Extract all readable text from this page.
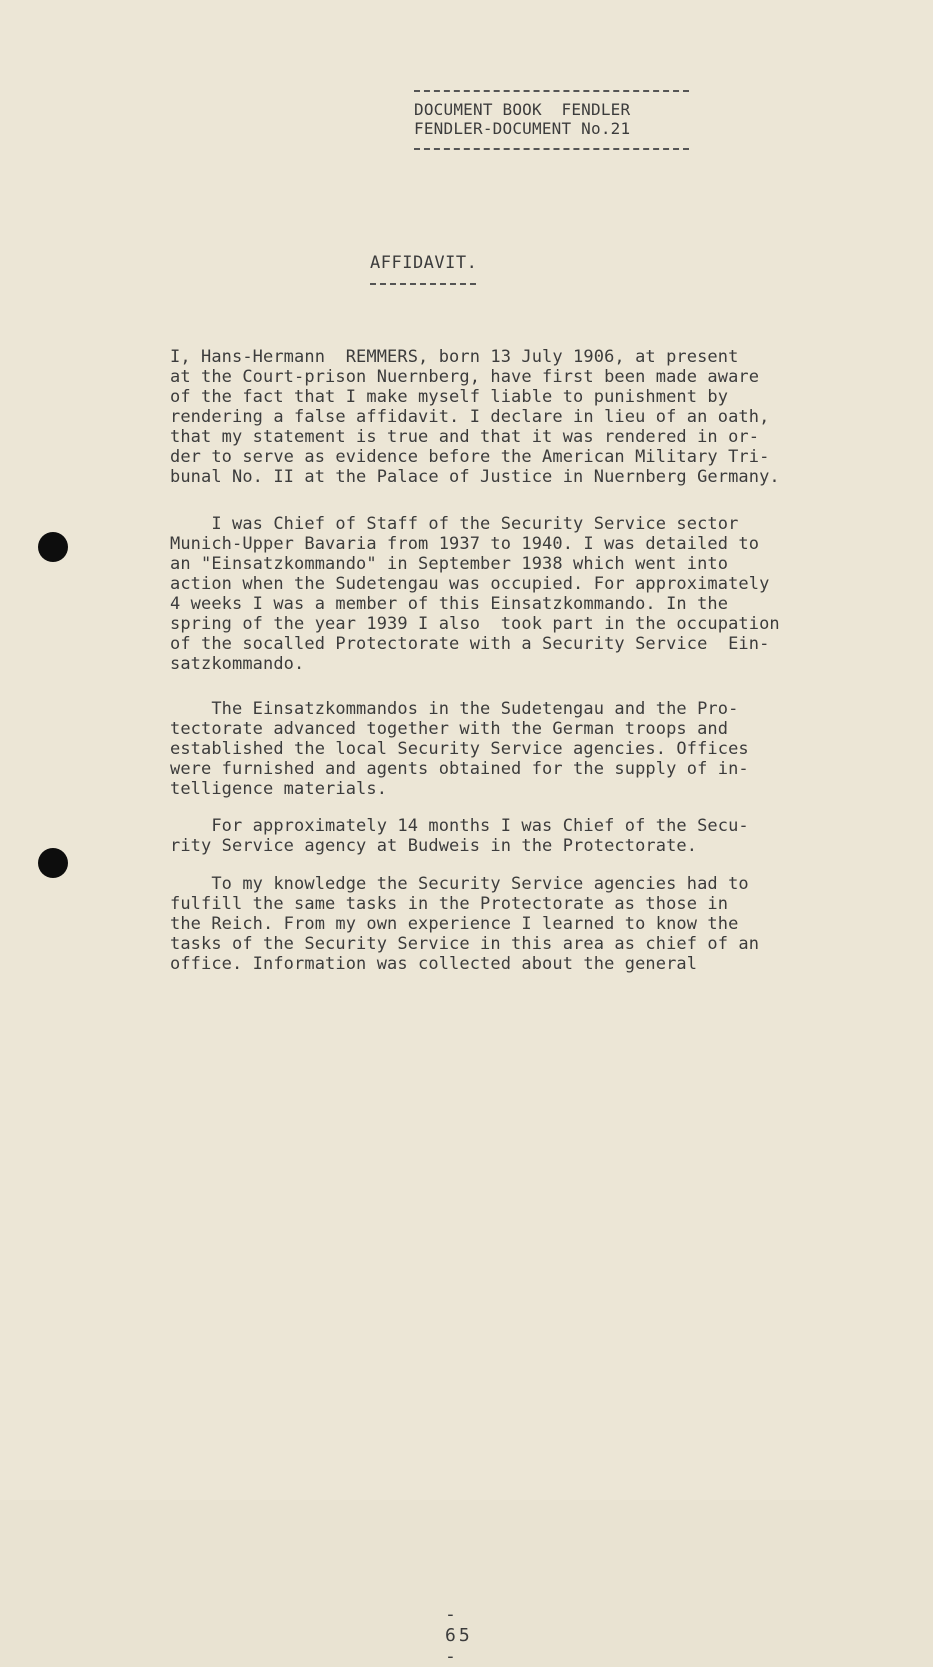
DOCUMENT BOOK  FENDLER
FENDLER-DOCUMENT No.21
AFFIDAVIT.
I, Hans-Hermann  REMMERS, born 13 July 1906, at present
at the Court-prison Nuernberg, have first been made aware
of the fact that I make myself liable to punishment by
rendering a false affidavit. I declare in lieu of an oath,
that my statement is true and that it was rendered in or-
der to serve as evidence before the American Military Tri-
bunal No. II at the Palace of Justice in Nuernberg Germany.
I was Chief of Staff of the Security Service sector
Munich-Upper Bavaria from 1937 to 1940. I was detailed to
an "Einsatzkommando" in September 1938 which went into
action when the Sudetengau was occupied. For approximately
4 weeks I was a member of this Einsatzkommando. In the
spring of the year 1939 I also  took part in the occupation
of the socalled Protectorate with a Security Service  Ein-
satzkommando.
The Einsatzkommandos in the Sudetengau and the Pro-
tectorate advanced together with the German troops and
established the local Security Service agencies. Offices
were furnished and agents obtained for the supply of in-
telligence materials.
For approximately 14 months I was Chief of the Secu-
rity Service agency at Budweis in the Protectorate.
To my knowledge the Security Service agencies had to
fulfill the same tasks in the Protectorate as those in
the Reich. From my own experience I learned to know the
tasks of the Security Service in this area as chief of an
office. Information was collected about the general
- 65 -
